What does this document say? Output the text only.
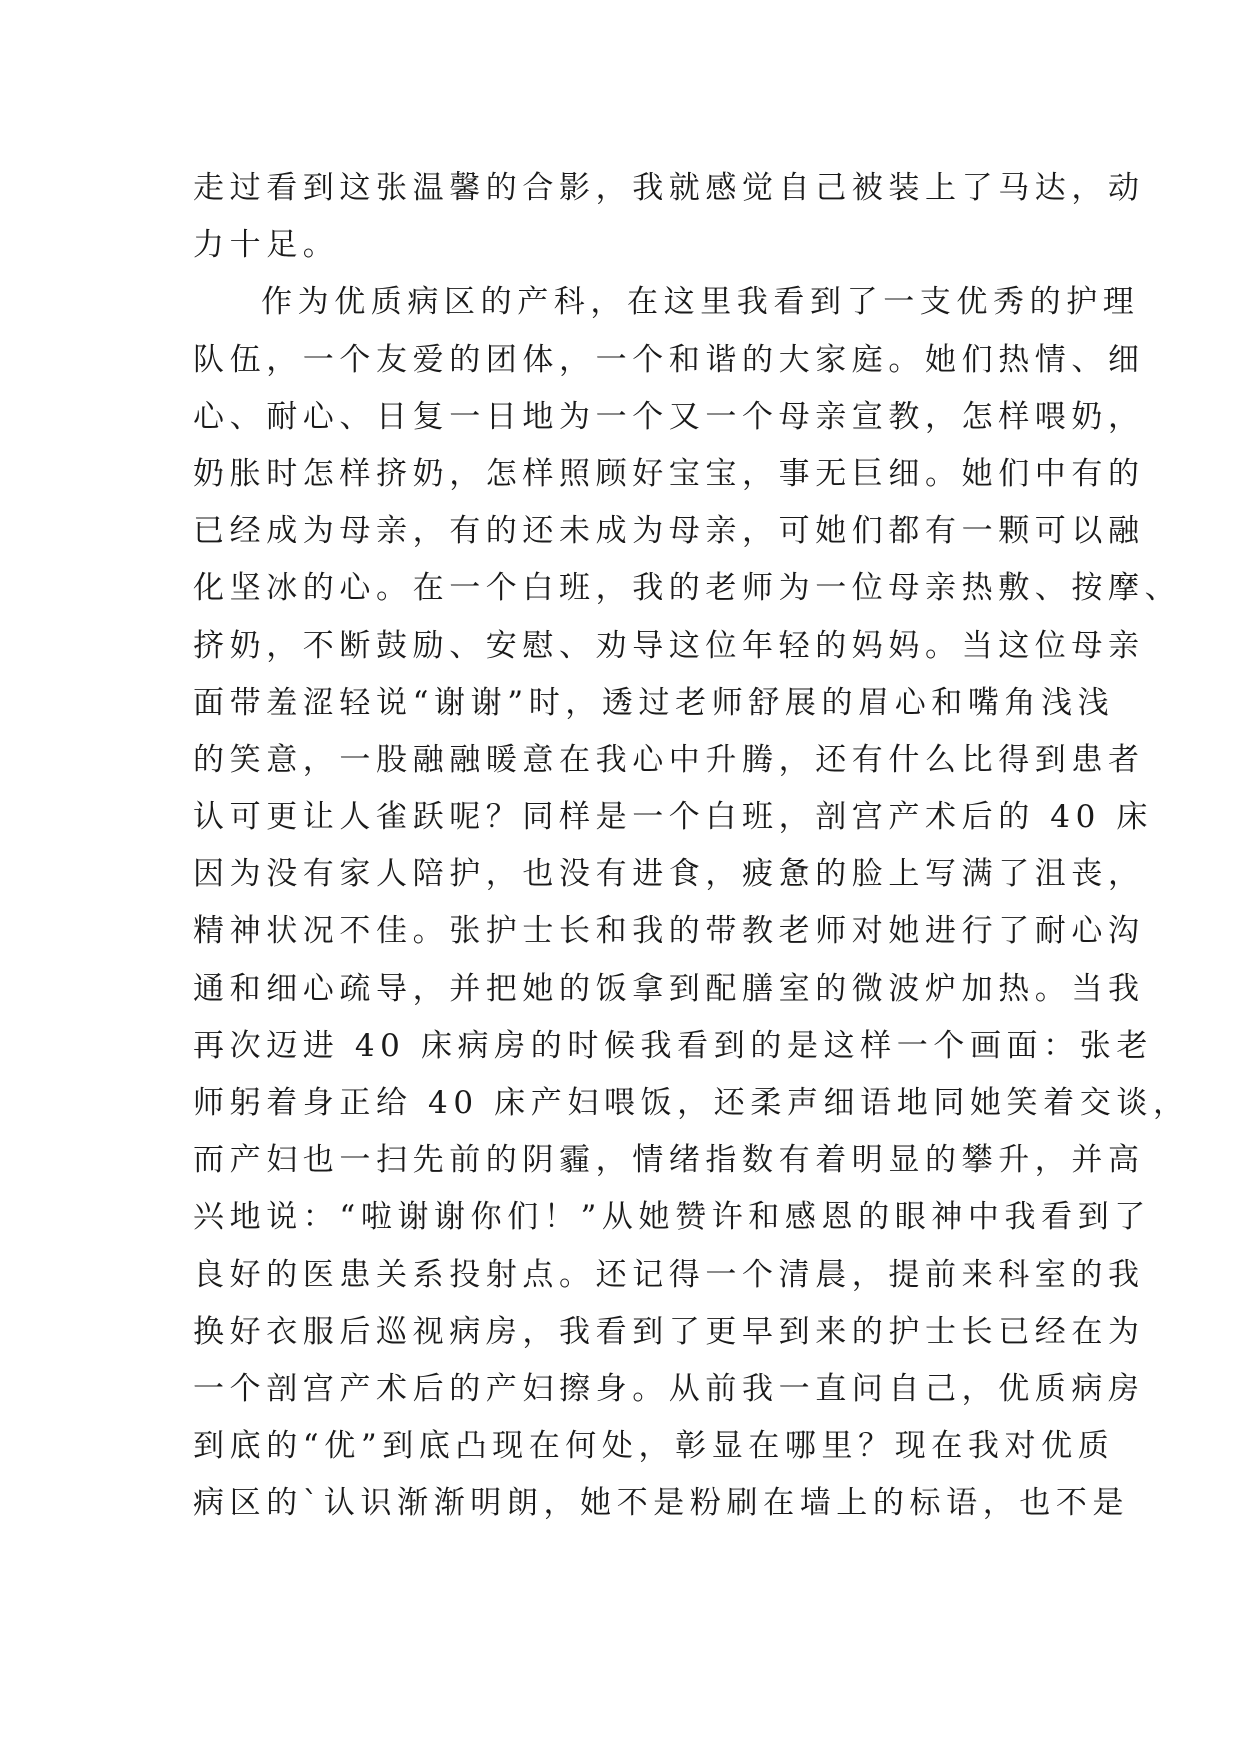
走过看到这张温馨的合影，我就感觉自己被装上了马达，动
力十足。
作为优质病区的产科，在这里我看到了一支优秀的护理
队伍，一个友爱的团体，一个和谐的大家庭。她们热情、细
心、耐心、日复一日地为一个又一个母亲宣教，怎样喂奶，
奶胀时怎样挤奶，怎样照顾好宝宝，事无巨细。她们中有的
已经成为母亲，有的还未成为母亲，可她们都有一颗可以融
化坚冰的心。在一个白班，我的老师为一位母亲热敷、按摩、
挤奶，不断鼓励、安慰、劝导这位年轻的妈妈。当这位母亲
面带羞涩轻说“谢谢”时，透过老师舒展的眉心和嘴角浅浅
的笑意，一股融融暖意在我心中升腾，还有什么比得到患者
认可更让人雀跃呢？同样是一个白班，剖宫产术后的 40 床
因为没有家人陪护，也没有进食，疲惫的脸上写满了沮丧，
精神状况不佳。张护士长和我的带教老师对她进行了耐心沟
通和细心疏导，并把她的饭拿到配膳室的微波炉加热。当我
再次迈进 40 床病房的时候我看到的是这样一个画面：张老
师躬着身正给 40 床产妇喂饭，还柔声细语地同她笑着交谈，
而产妇也一扫先前的阴霾，情绪指数有着明显的攀升，并高
兴地说：“啦谢谢你们！”从她赞许和感恩的眼神中我看到了
良好的医患关系投射点。还记得一个清晨，提前来科室的我
换好衣服后巡视病房，我看到了更早到来的护士长已经在为
一个剖宫产术后的产妇擦身。从前我一直问自己，优质病房
到底的“优”到底凸现在何处，彰显在哪里？现在我对优质
病区的`认识渐渐明朗，她不是粉刷在墙上的标语，也不是
